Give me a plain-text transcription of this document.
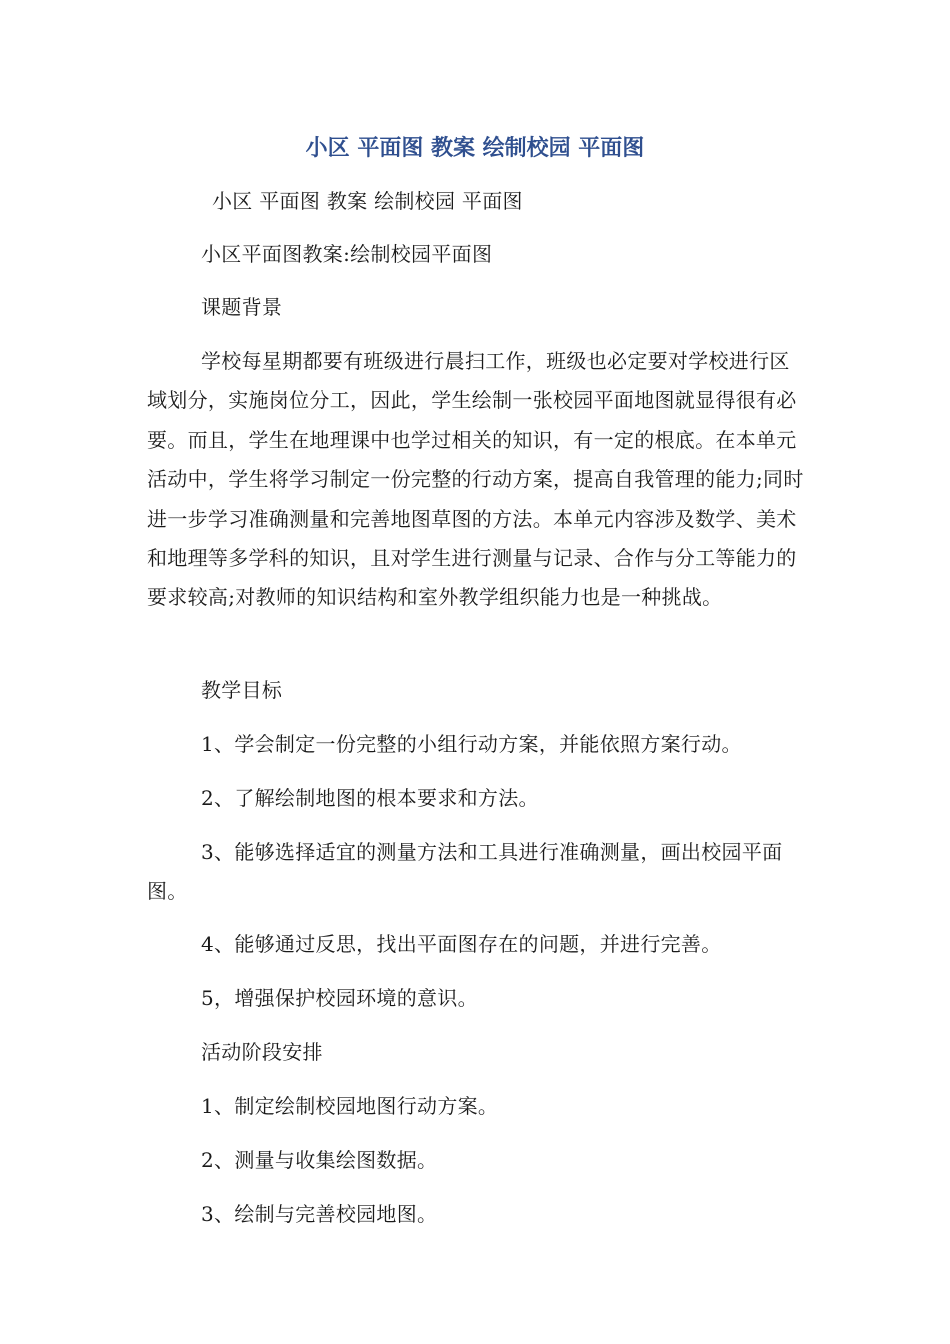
小区 平面图 教案 绘制校园 平面图
小区 平面图 教案 绘制校园 平面图
小区平面图教案:绘制校园平面图
课题背景
学校每星期都要有班级进行晨扫工作，班级也必定要对学校进行区域划分，实施岗位分工，因此，学生绘制一张校园平面地图就显得很有必要。而且，学生在地理课中也学过相关的知识，有一定的根底。在本单元活动中，学生将学习制定一份完整的行动方案，提高自我管理的能力;同时进一步学习准确测量和完善地图草图的方法。本单元内容涉及数学、美术和地理等多学科的知识，且对学生进行测量与记录、合作与分工等能力的要求较高;对教师的知识结构和室外教学组织能力也是一种挑战。
教学目标
1、学会制定一份完整的小组行动方案，并能依照方案行动。
2、了解绘制地图的根本要求和方法。
3、能够选择适宜的测量方法和工具进行准确测量，画出校园平面图。
4、能够通过反思，找出平面图存在的问题，并进行完善。
5，增强保护校园环境的意识。
活动阶段安排
1、制定绘制校园地图行动方案。
2、测量与收集绘图数据。
3、绘制与完善校园地图。
